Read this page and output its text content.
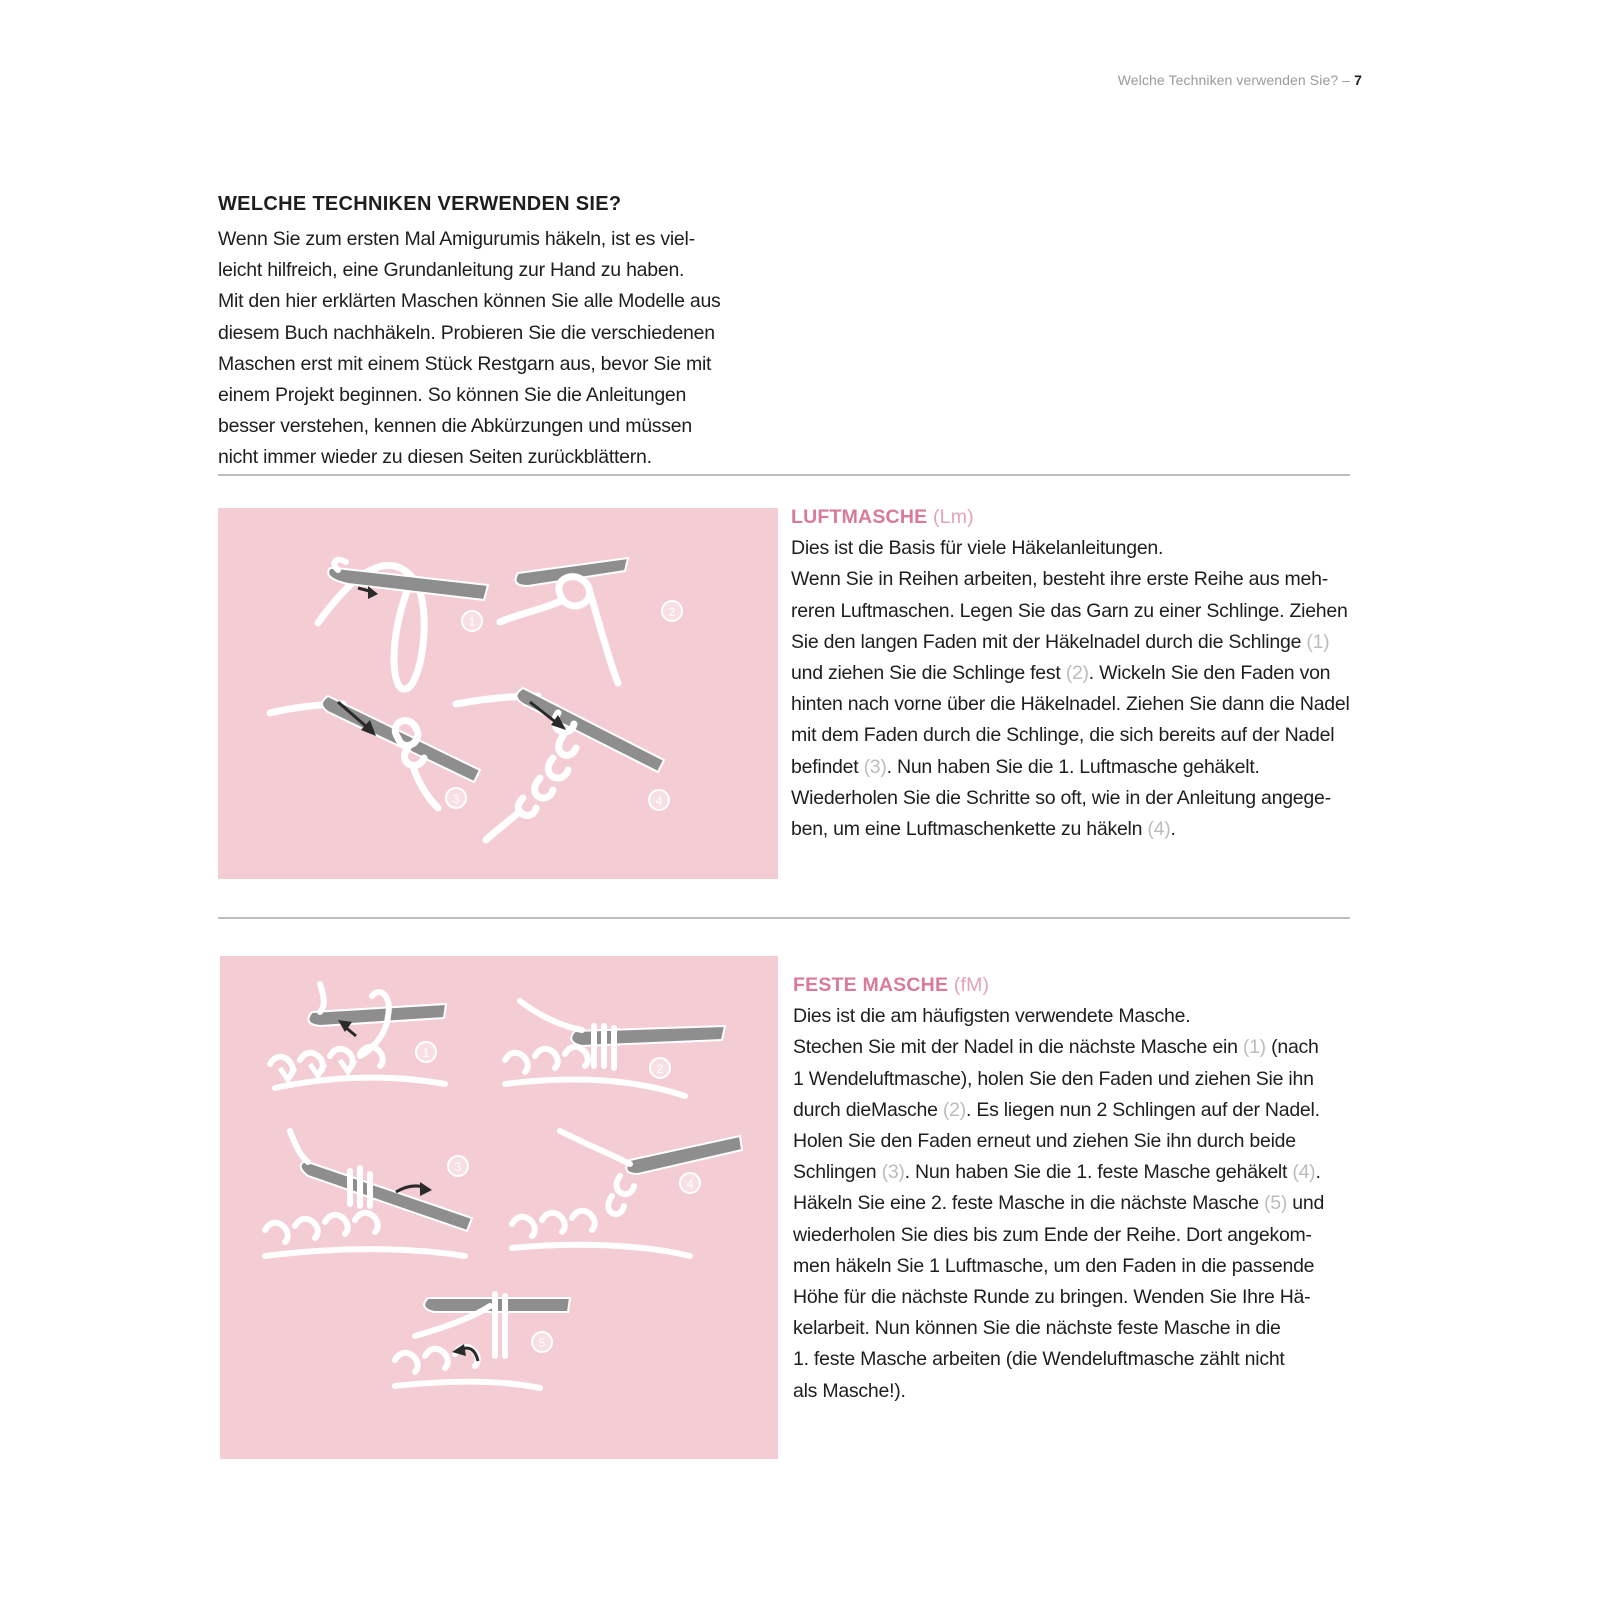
Welche Techniken verwenden Sie? – 7
WELCHE TECHNIKEN VERWENDEN SIE?
Wenn Sie zum ersten Mal Amigurumis häkeln, ist es viel-
leicht hilfreich, eine Grundanleitung zur Hand zu haben.
Mit den hier erklärten Maschen können Sie alle Modelle aus
diesem Buch nachhäkeln. Probieren Sie die verschiedenen
Maschen erst mit einem Stück Restgarn aus, bevor Sie mit
einem Projekt beginnen. So können Sie die Anleitungen
besser verstehen, kennen die Abkürzungen und müssen
nicht immer wieder zu diesen Seiten zurückblättern.
1
2
3	4
LUFTMASCHE (Lm)
Dies ist die Basis für viele Häkelanleitungen.
Wenn Sie in Reihen arbeiten, besteht ihre erste Reihe aus meh-
reren Luftmaschen. Legen Sie das Garn zu einer Schlinge. Ziehen
Sie den langen Faden mit der Häkelnadel durch die Schlinge (1)
und ziehen Sie die Schlinge fest (2). Wickeln Sie den Faden von
hinten nach vorne über die Häkelnadel. Ziehen Sie dann die Nadel
mit dem Faden durch die Schlinge, die sich bereits auf der Nadel
befindet (3). Nun haben Sie die 1. Luftmasche gehäkelt.
Wiederholen Sie die Schritte so oft, wie in der Anleitung angege-
ben, um eine Luftmaschenkette zu häkeln (4).
1
2
3
4
5
FESTE MASCHE (fM)
Dies ist die am häufigsten verwendete Masche.
Stechen Sie mit der Nadel in die nächste Masche ein (1) (nach
1 Wendeluftmasche), holen Sie den Faden und ziehen Sie ihn
durch dieMasche (2). Es liegen nun 2 Schlingen auf der Nadel.
Holen Sie den Faden erneut und ziehen Sie ihn durch beide
Schlingen (3). Nun haben Sie die 1. feste Masche gehäkelt (4).
Häkeln Sie eine 2. feste Masche in die nächste Masche (5) und
wiederholen Sie dies bis zum Ende der Reihe. Dort angekom-
men häkeln Sie 1 Luftmasche, um den Faden in die passende
Höhe für die nächste Runde zu bringen. Wenden Sie Ihre Hä-
kelarbeit. Nun können Sie die nächste feste Masche in die
1. feste Masche arbeiten (die Wendeluftmasche zählt nicht
als Masche!).
